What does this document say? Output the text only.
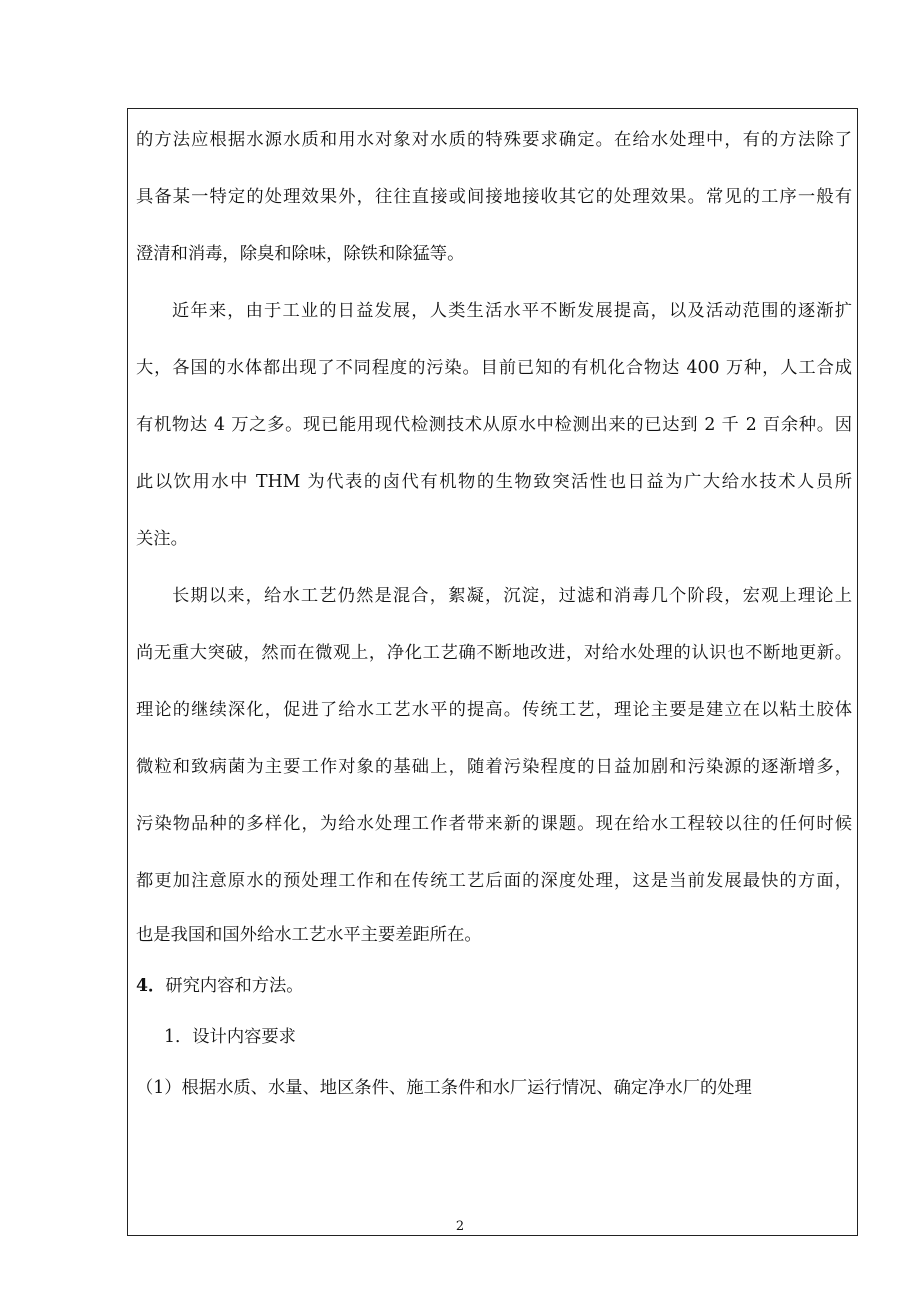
的方法应根据水源水质和用水对象对水质的特殊要求确定。在给水处理中，有的方法除了
具备某一特定的处理效果外，往往直接或间接地接收其它的处理效果。常见的工序一般有
澄清和消毒，除臭和除味，除铁和除猛等。
近年来，由于工业的日益发展，人类生活水平不断发展提高，以及活动范围的逐渐扩
大，各国的水体都出现了不同程度的污染。目前已知的有机化合物达 400 万种，人工合成
有机物达 4 万之多。现已能用现代检测技术从原水中检测出来的已达到 2 千 2 百余种。因
此以饮用水中 THM 为代表的卤代有机物的生物致突活性也日益为广大给水技术人员所
关注。
长期以来，给水工艺仍然是混合，絮凝，沉淀，过滤和消毒几个阶段，宏观上理论上
尚无重大突破，然而在微观上，净化工艺确不断地改进，对给水处理的认识也不断地更新。
理论的继续深化，促进了给水工艺水平的提高。传统工艺，理论主要是建立在以粘土胶体
微粒和致病菌为主要工作对象的基础上，随着污染程度的日益加剧和污染源的逐渐增多，
污染物品种的多样化，为给水处理工作者带来新的课题。现在给水工程较以往的任何时候
都更加注意原水的预处理工作和在传统工艺后面的深度处理，这是当前发展最快的方面，
也是我国和国外给水工艺水平主要差距所在。
4．研究内容和方法。
1．设计内容要求
（1）根据水质、水量、地区条件、施工条件和水厂运行情况、确定净水厂的处理
2
